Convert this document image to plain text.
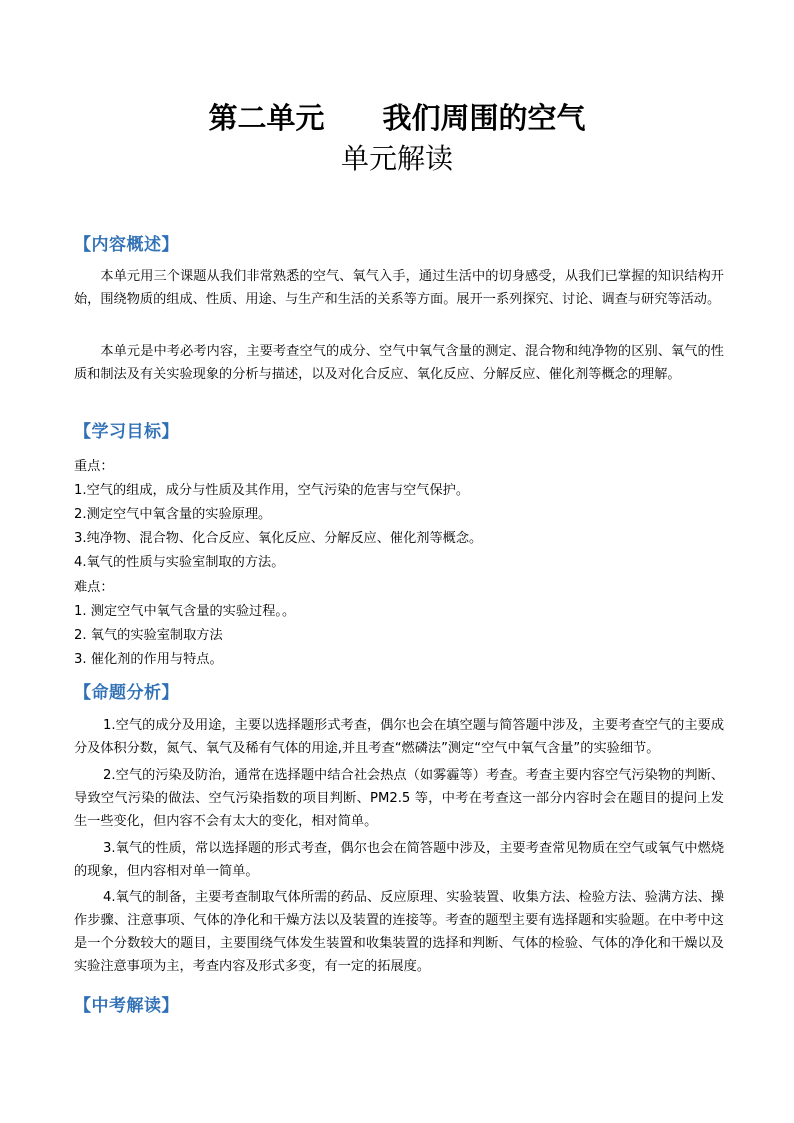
第二单元　　我们周围的空气
单元解读
【内容概述】
本单元用三个课题从我们非常熟悉的空气、氧气入手，通过生活中的切身感受，从我们已掌握的知识结构开始，围绕物质的组成、性质、用途、与生产和生活的关系等方面。展开一系列探究、讨论、调查与研究等活动。
本单元是中考必考内容，主要考查空气的成分、空气中氧气含量的测定、混合物和纯净物的区别、氧气的性质和制法及有关实验现象的分析与描述，以及对化合反应、氧化反应、分解反应、催化剂等概念的理解。
【学习目标】
重点：
1.空气的组成，成分与性质及其作用，空气污染的危害与空气保护。
2.测定空气中氧含量的实验原理。
3.纯净物、混合物、化合反应、氧化反应、分解反应、催化剂等概念。
4.氧气的性质与实验室制取的方法。
难点：
1. 测定空气中氧气含量的实验过程。。
2. 氧气的实验室制取方法
3. 催化剂的作用与特点。
【命题分析】
1.空气的成分及用途，主要以选择题形式考查，偶尔也会在填空题与简答题中涉及，主要考查空气的主要成分及体积分数，氮气、氧气及稀有气体的用途,并且考查“燃磷法”测定“空气中氧气含量”的实验细节。
2.空气的污染及防治，通常在选择题中结合社会热点（如雾霾等）考查。考查主要内容空气污染物的判断、导致空气污染的做法、空气污染指数的项目判断、PM2.5 等，中考在考查这一部分内容时会在题目的提问上发生一些变化，但内容不会有太大的变化，相对简单。
3.氧气的性质，常以选择题的形式考查，偶尔也会在简答题中涉及，主要考查常见物质在空气或氧气中燃烧的现象，但内容相对单一简单。
4.氧气的制备，主要考查制取气体所需的药品、反应原理、实验装置、收集方法、检验方法、验满方法、操作步骤、注意事项、气体的净化和干燥方法以及装置的连接等。考查的题型主要有选择题和实验题。在中考中这是一个分数较大的题目，主要围绕气体发生装置和收集装置的选择和判断、气体的检验、气体的净化和干燥以及实验注意事项为主，考查内容及形式多变，有一定的拓展度。
【中考解读】
